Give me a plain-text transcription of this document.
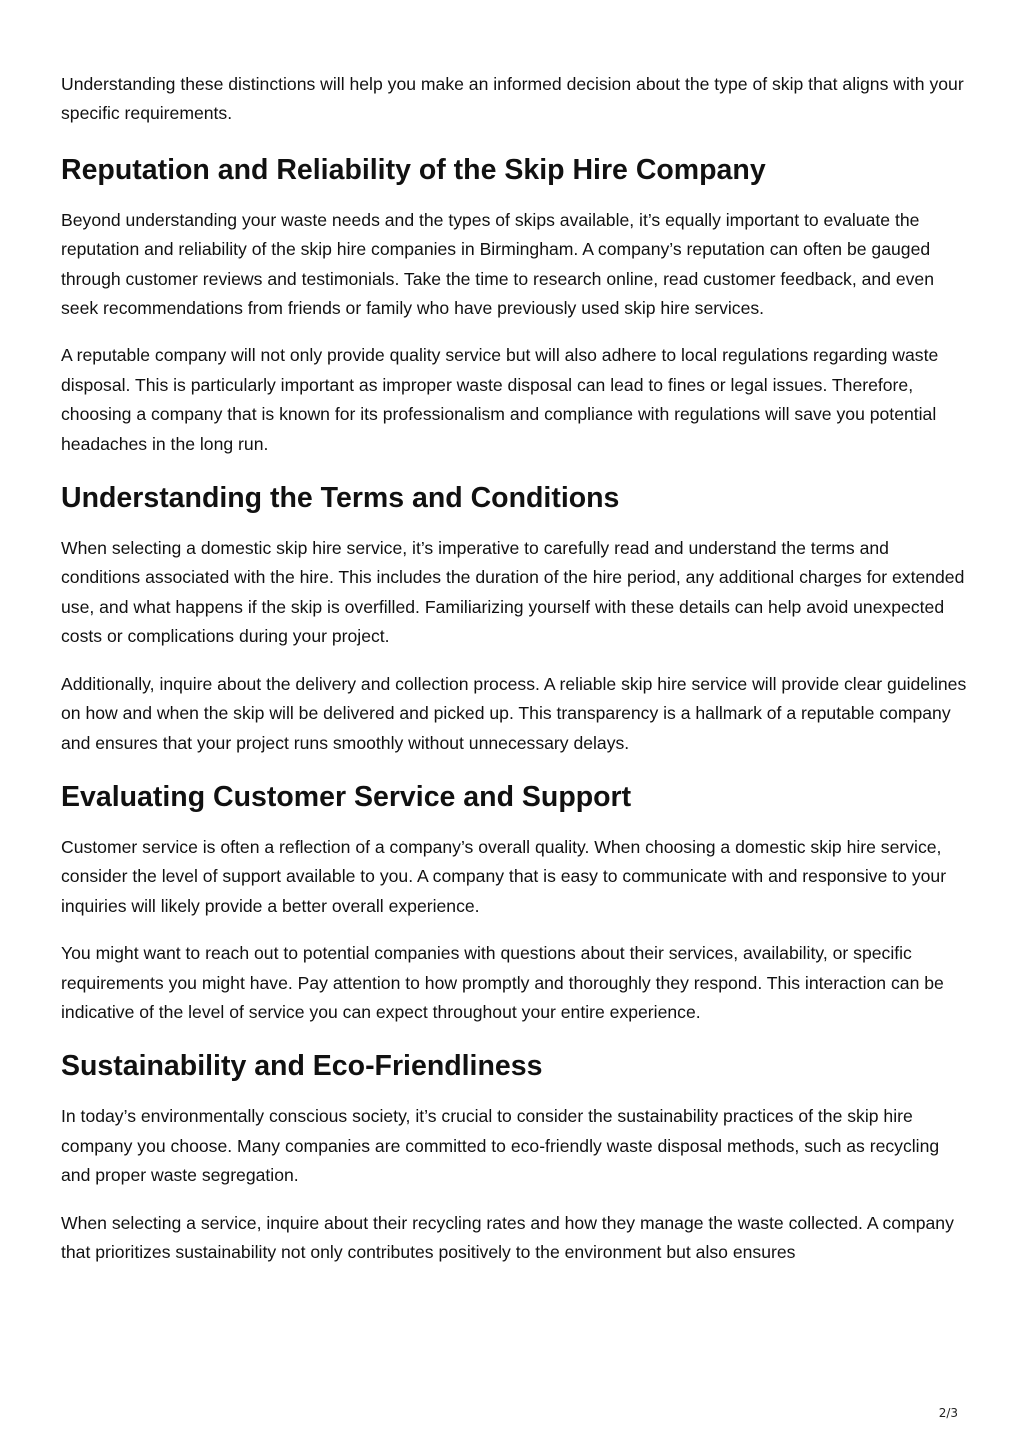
Understanding these distinctions will help you make an informed decision about the type of skip that aligns with your specific requirements.

Reputation and Reliability of the Skip Hire Company

Beyond understanding your waste needs and the types of skips available, it’s equally important to evaluate the reputation and reliability of the skip hire companies in Birmingham. A company’s reputation can often be gauged through customer reviews and testimonials. Take the time to research online, read customer feedback, and even seek recommendations from friends or family who have previously used skip hire services.

A reputable company will not only provide quality service but will also adhere to local regulations regarding waste disposal. This is particularly important as improper waste disposal can lead to fines or legal issues. Therefore, choosing a company that is known for its professionalism and compliance with regulations will save you potential headaches in the long run.

Understanding the Terms and Conditions

When selecting a domestic skip hire service, it’s imperative to carefully read and understand the terms and conditions associated with the hire. This includes the duration of the hire period, any additional charges for extended use, and what happens if the skip is overfilled. Familiarizing yourself with these details can help avoid unexpected costs or complications during your project.

Additionally, inquire about the delivery and collection process. A reliable skip hire service will provide clear guidelines on how and when the skip will be delivered and picked up. This transparency is a hallmark of a reputable company and ensures that your project runs smoothly without unnecessary delays.

Evaluating Customer Service and Support

Customer service is often a reflection of a company’s overall quality. When choosing a domestic skip hire service, consider the level of support available to you. A company that is easy to communicate with and responsive to your inquiries will likely provide a better overall experience.

You might want to reach out to potential companies with questions about their services, availability, or specific requirements you might have. Pay attention to how promptly and thoroughly they respond. This interaction can be indicative of the level of service you can expect throughout your entire experience.

Sustainability and Eco-Friendliness

In today’s environmentally conscious society, it’s crucial to consider the sustainability practices of the skip hire company you choose. Many companies are committed to eco-friendly waste disposal methods, such as recycling and proper waste segregation.

When selecting a service, inquire about their recycling rates and how they manage the waste collected. A company that prioritizes sustainability not only contributes positively to the environment but also ensures

2/3
